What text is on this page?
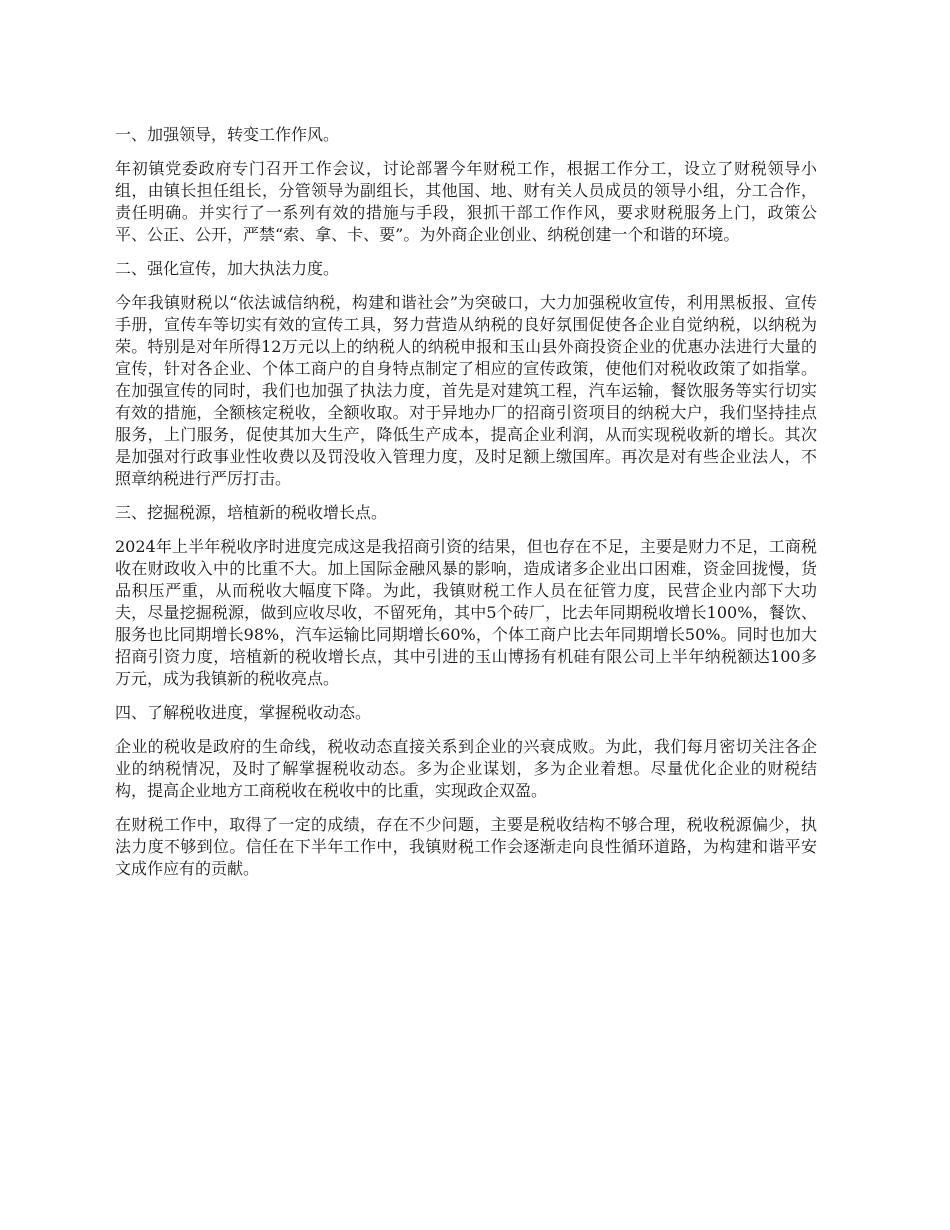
一、加强领导，转变工作作风。

年初镇党委政府专门召开工作会议，讨论部署今年财税工作，根据工作分工，设立了财税领导小组，由镇长担任组长，分管领导为副组长，其他国、地、财有关人员成员的领导小组，分工合作，责任明确。并实行了一系列有效的措施与手段，狠抓干部工作作风，要求财税服务上门，政策公平、公正、公开，严禁“索、拿、卡、要”。为外商企业创业、纳税创建一个和谐的环境。

二、强化宣传，加大执法力度。

今年我镇财税以“依法诚信纳税，构建和谐社会”为突破口，大力加强税收宣传，利用黑板报、宣传手册，宣传车等切实有效的宣传工具，努力营造从纳税的良好氛围促使各企业自觉纳税，以纳税为荣。特别是对年所得12万元以上的纳税人的纳税申报和玉山县外商投资企业的优惠办法进行大量的宣传，针对各企业、个体工商户的自身特点制定了相应的宣传政策，使他们对税收政策了如指掌。在加强宣传的同时，我们也加强了执法力度，首先是对建筑工程，汽车运输，餐饮服务等实行切实有效的措施，全额核定税收，全额收取。对于异地办厂的招商引资项目的纳税大户，我们坚持挂点服务，上门服务，促使其加大生产，降低生产成本，提高企业利润，从而实现税收新的增长。其次是加强对行政事业性收费以及罚没收入管理力度，及时足额上缴国库。再次是对有些企业法人，不照章纳税进行严厉打击。

三、挖掘税源，培植新的税收增长点。

2024年上半年税收序时进度完成这是我招商引资的结果，但也存在不足，主要是财力不足，工商税收在财政收入中的比重不大。加上国际金融风暴的影响，造成诸多企业出口困难，资金回拢慢，货品积压严重，从而税收大幅度下降。为此，我镇财税工作人员在征管力度，民营企业内部下大功夫，尽量挖掘税源，做到应收尽收，不留死角，其中5个砖厂，比去年同期税收增长100%，餐饮、服务也比同期增长98%，汽车运输比同期增长60%，个体工商户比去年同期增长50%。同时也加大招商引资力度，培植新的税收增长点，其中引进的玉山博扬有机硅有限公司上半年纳税额达100多万元，成为我镇新的税收亮点。

四、了解税收进度，掌握税收动态。

企业的税收是政府的生命线，税收动态直接关系到企业的兴衰成败。为此，我们每月密切关注各企业的纳税情况，及时了解掌握税收动态。多为企业谋划，多为企业着想。尽量优化企业的财税结构，提高企业地方工商税收在税收中的比重，实现政企双盈。

在财税工作中，取得了一定的成绩，存在不少问题，主要是税收结构不够合理，税收税源偏少，执法力度不够到位。信任在下半年工作中，我镇财税工作会逐渐走向良性循环道路，为构建和谐平安文成作应有的贡献。
